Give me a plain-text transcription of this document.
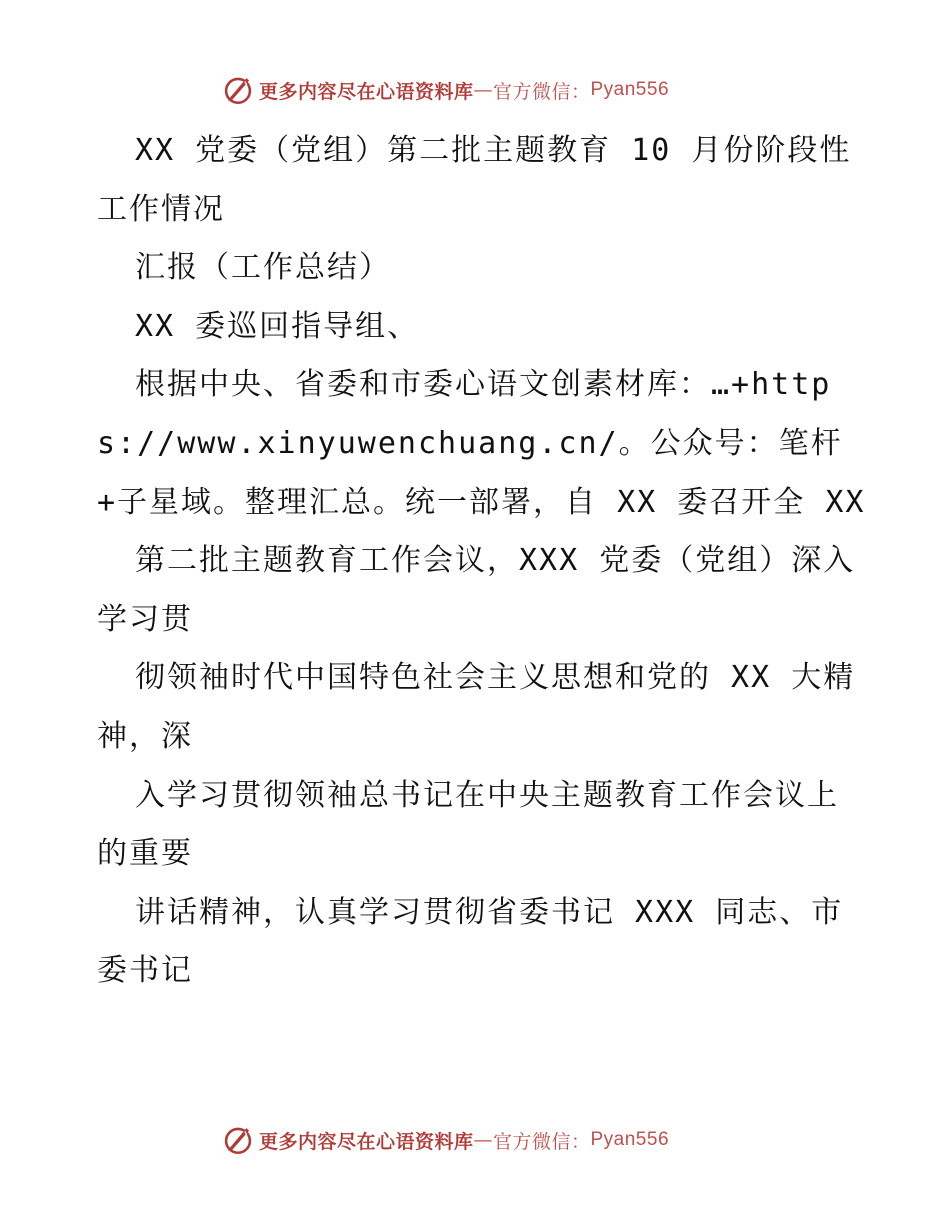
更多内容尽在心语资料库 — 官方微信： Pyan556

XX 党委（党组）第二批主题教育 10 月份阶段性工作情况

汇报（工作总结）

XX 委巡回指导组、

根据中央、省委和市委心语文创素材库：…+https://www.xinyuwenchuang.cn/。公众号：笔杆+子星域。整理汇总。统一部署，自 XX 委召开全 XX

第二批主题教育工作会议，XXX 党委（党组）深入学习贯

彻领袖时代中国特色社会主义思想和党的 XX 大精神，深

入学习贯彻领袖总书记在中央主题教育工作会议上的重要

讲话精神，认真学习贯彻省委书记 XXX 同志、市委书记

更多内容尽在心语资料库 — 官方微信： Pyan556
